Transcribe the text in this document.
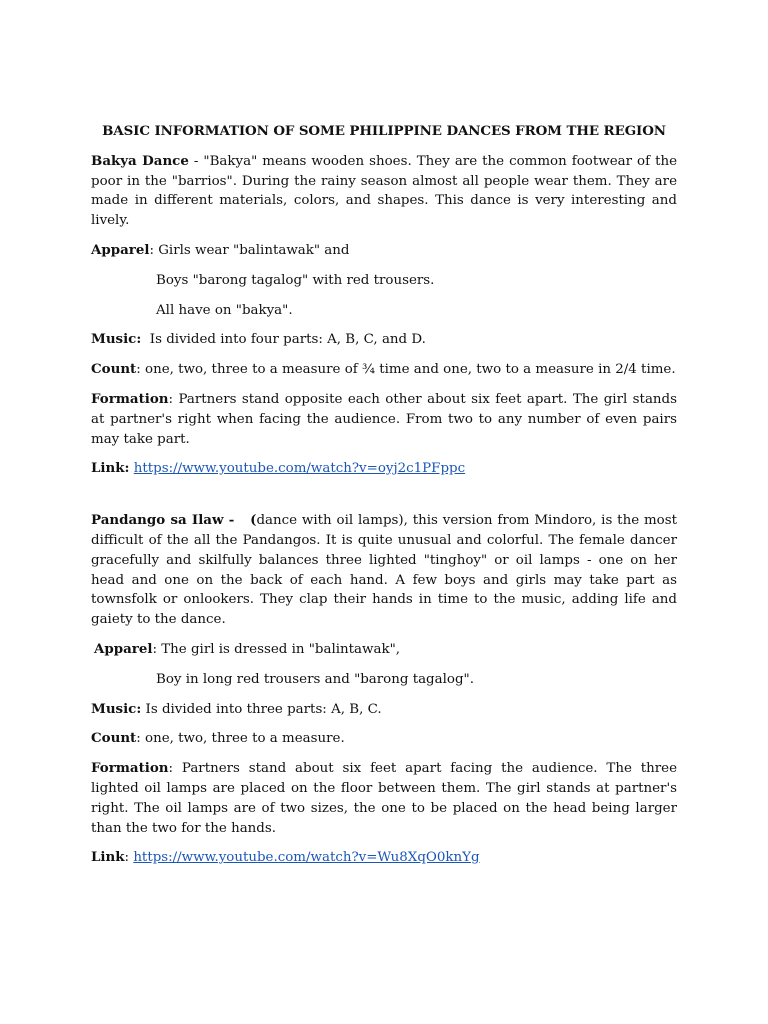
BASIC INFORMATION OF SOME PHILIPPINE DANCES FROM THE REGION

Bakya Dance - "Bakya" means wooden shoes. They are the common footwear of the poor in the "barrios". During the rainy season almost all people wear them. They are made in different materials, colors, and shapes. This dance is very interesting and lively.

Apparel: Girls wear "balintawak" and

Boys "barong tagalog" with red trousers.

All have on "bakya".

Music:  Is divided into four parts: A, B, C, and D.

Count: one, two, three to a measure of ¾ time and one, two to a measure in 2/4 time.

Formation: Partners stand opposite each other about six feet apart. The girl stands at partner's right when facing the audience. From two to any number of even pairs may take part.

Link: https://www.youtube.com/watch?v=oyj2c1PFppc

Pandango sa Ilaw -   (dance with oil lamps), this version from Mindoro, is the most difficult of the all the Pandangos. It is quite unusual and colorful. The female dancer gracefully and skilfully balances three lighted "tinghoy" or oil lamps - one on her head and one on the back of each hand. A few boys and girls may take part as townsfolk or onlookers. They clap their hands in time to the music, adding life and gaiety to the dance.

Apparel: The girl is dressed in "balintawak",

Boy in long red trousers and "barong tagalog".

Music: Is divided into three parts: A, B, C.

Count: one, two, three to a measure.

Formation: Partners stand about six feet apart facing the audience. The three lighted oil lamps are placed on the floor between them. The girl stands at partner's right. The oil lamps are of two sizes, the one to be placed on the head being larger than the two for the hands.

Link: https://www.youtube.com/watch?v=Wu8XqO0knYg
